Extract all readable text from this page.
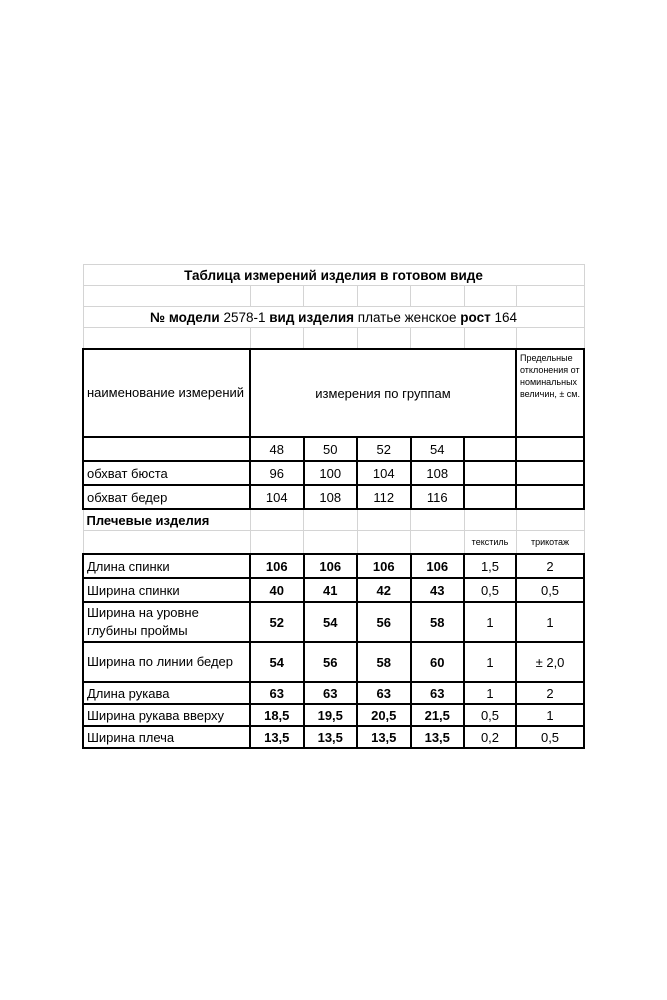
Таблица измерений изделия в готовом виде						

№ модели 2578-1 вид изделия платье женское рост 164						

наименование измерений	измерения по группам					Предельные отклонения от номинальных величин, ± см.
	48	50	52	54		
обхват бюста	96	100	104	108		
обхват бедер	104	108	112	116		
Плечевые изделия						
					текстиль	трикотаж
Длина спинки	106	106	106	106	1,5	2
Ширина спинки	40	41	42	43	0,5	0,5
Ширина на уровне глубины проймы	52	54	56	58	1	1
Ширина по линии бедер	54	56	58	60	1	± 2,0
Длина рукава	63	63	63	63	1	2
Ширина рукава вверху	18,5	19,5	20,5	21,5	0,5	1
Ширина плеча	13,5	13,5	13,5	13,5	0,2	0,5
